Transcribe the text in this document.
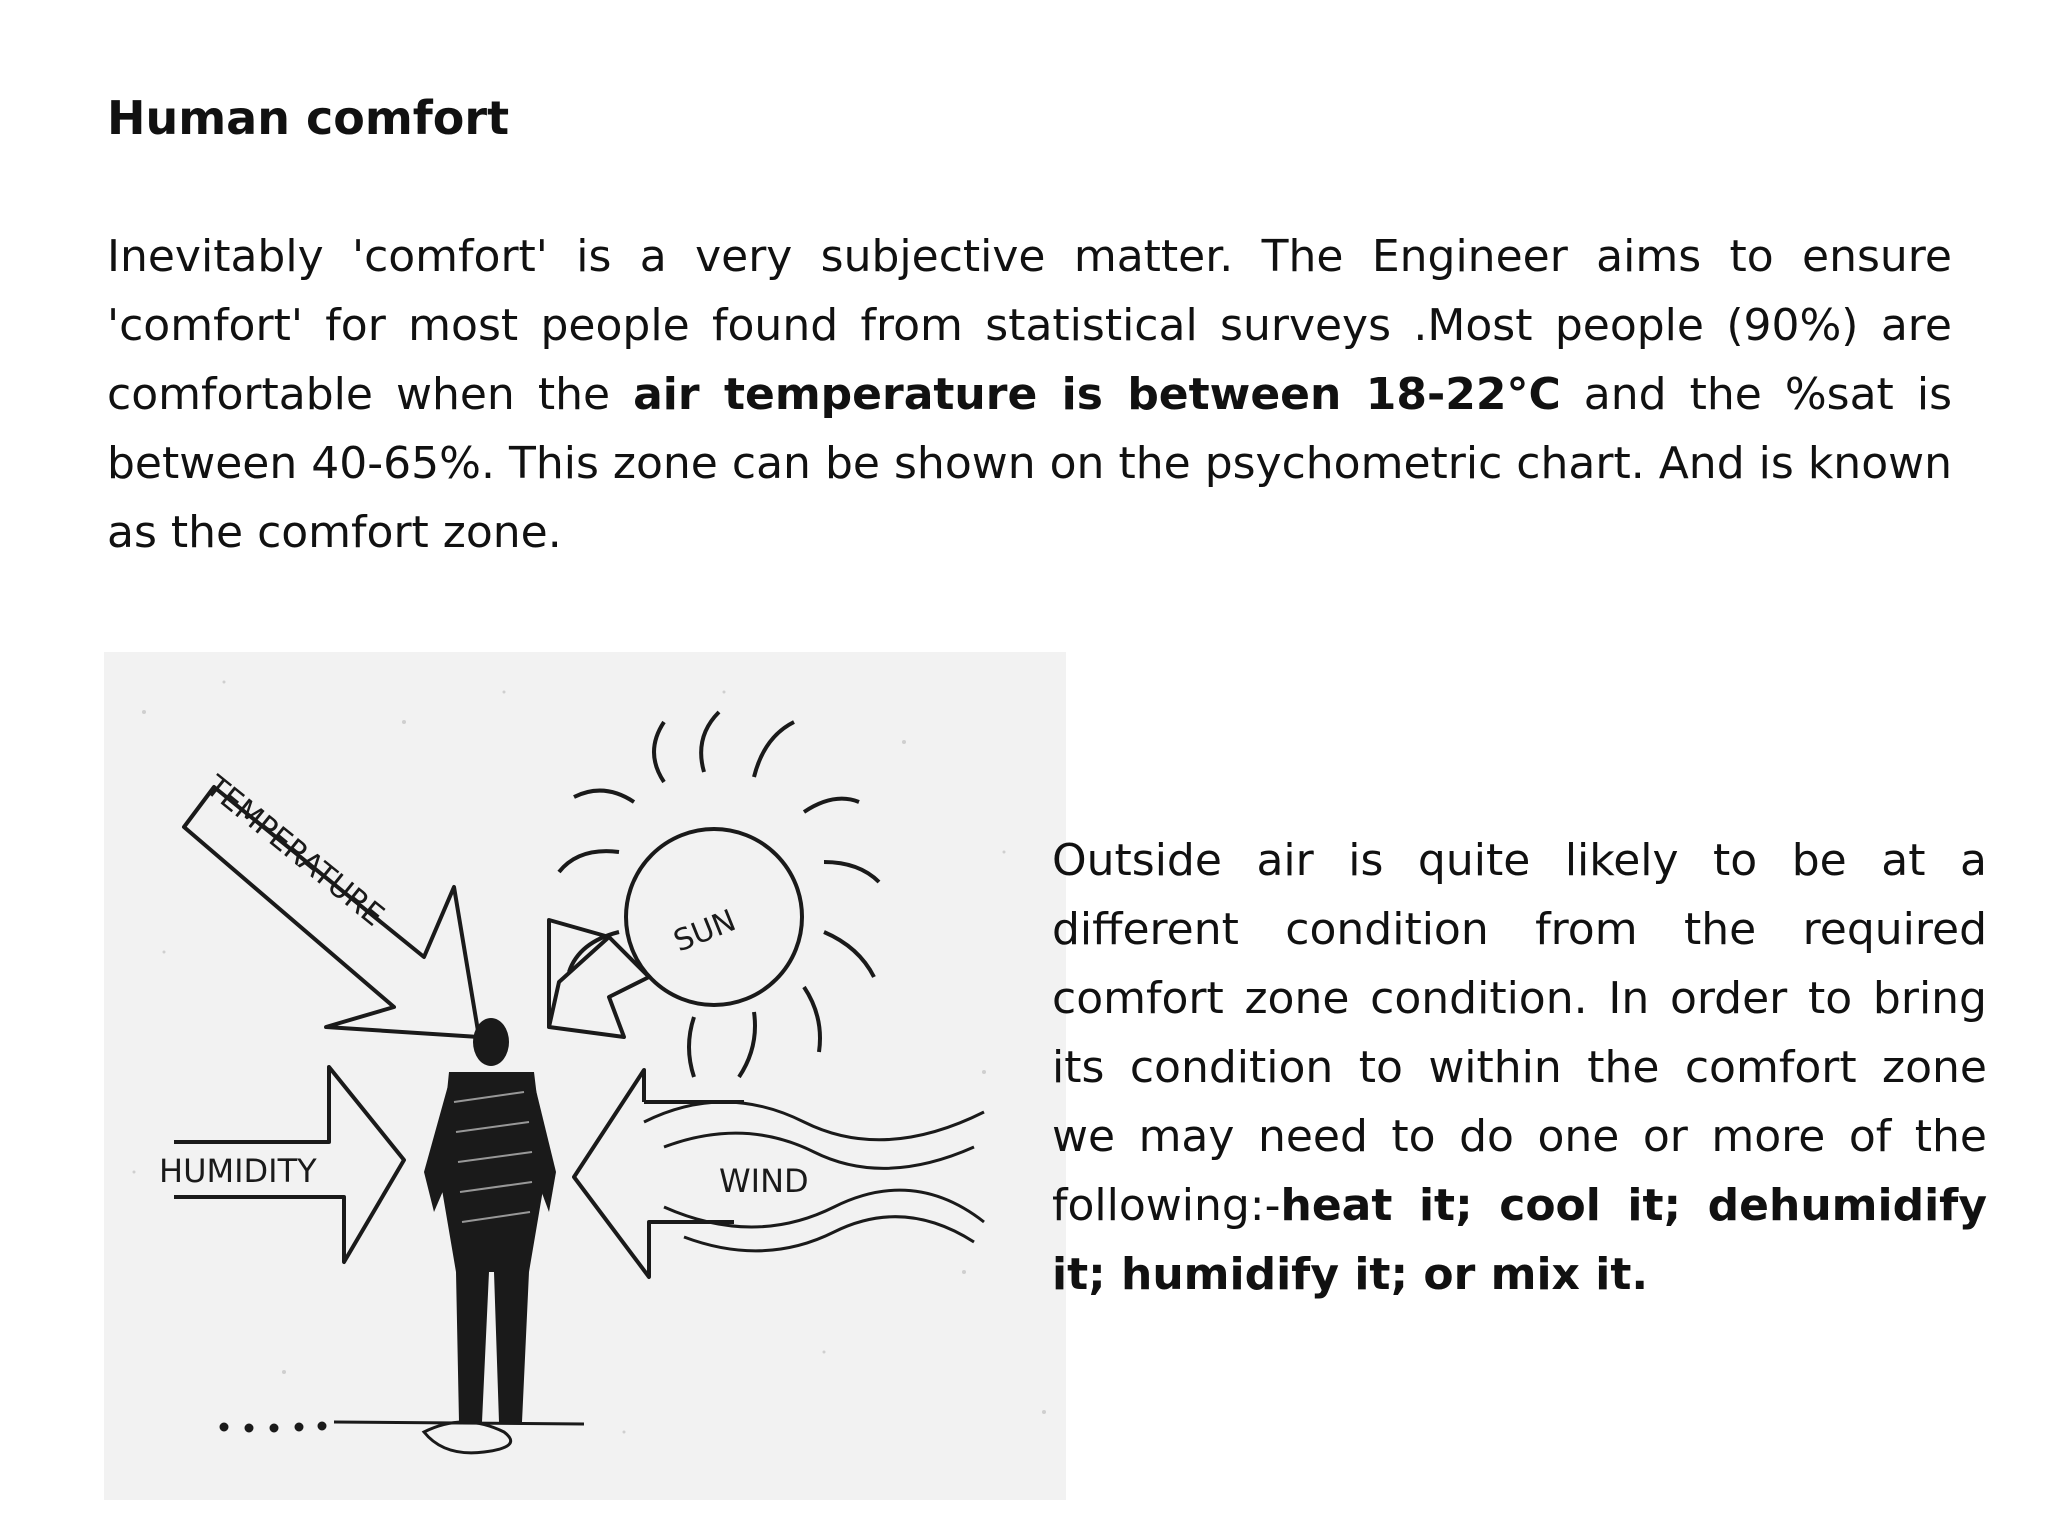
Human comfort

Inevitably 'comfort' is a very subjective matter. The Engineer aims to ensure 'comfort' for most people found from statistical surveys .Most people (90%) are comfortable when the air temperature is between 18-22°C and the %sat is between 40-65%. This zone can be shown on the psychometric chart. And is known as the comfort zone.

TEMPERATURE	SUN
HUMIDITY	WIND

Outside air is quite likely to be at a different condition from the required comfort zone condition. In order to bring its condition to within the comfort zone we may need to do one or more of the following:-heat it; cool it; dehumidify it; humidify it; or mix it.
